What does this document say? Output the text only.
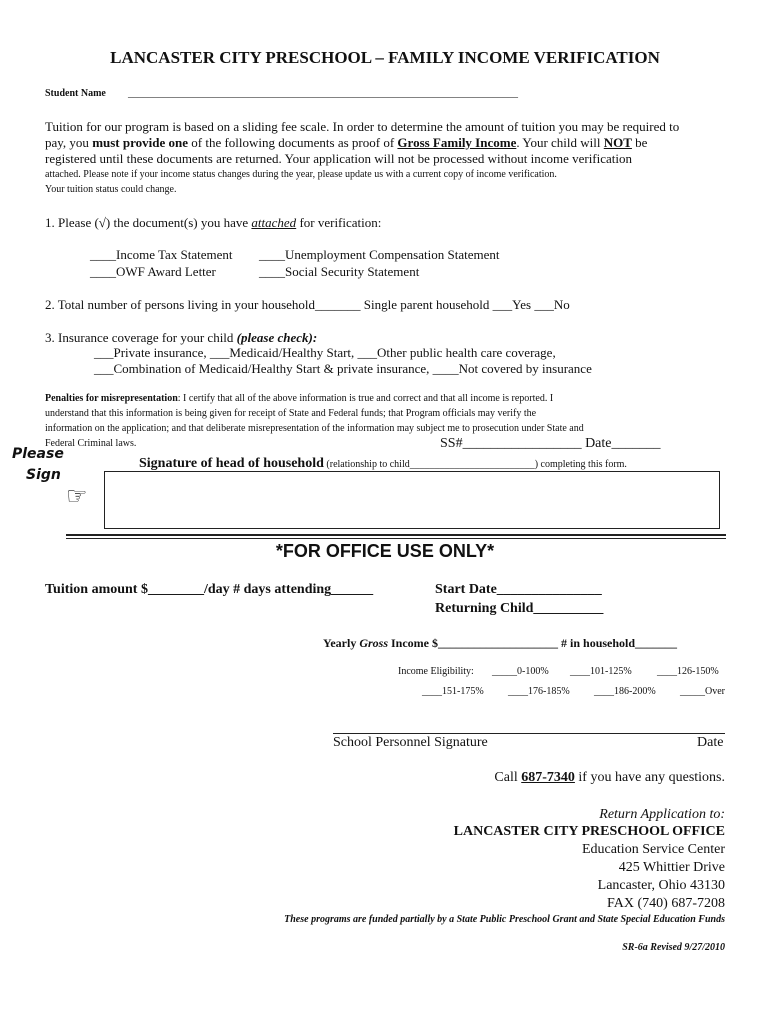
LANCASTER CITY PRESCHOOL – FAMILY INCOME VERIFICATION
Student Name ______________________________________________________________________________
Tuition for our program is based on a sliding fee scale. In order to determine the amount of tuition you may be required to
pay, you must provide one of the following documents as proof of Gross Family Income. Your child will NOT be
registered until these documents are returned. Your application will not be processed without income verification
attached. Please note if your income status changes during the year, please update us with a current copy of income verification.
Your tuition status could change.
1. Please (√) the document(s) you have attached for verification:
____Income Tax Statement ____Unemployment Compensation Statement
____OWF Award Letter	____Social Security Statement
2. Total number of persons living in your household_______ Single parent household ___Yes ___No
3. Insurance coverage for your child (please check):
___Private insurance, ___Medicaid/Healthy Start, ___Other public health care coverage,
___Combination of Medicaid/Healthy Start & private insurance, ____Not covered by insurance
Penalties for misrepresentation: I certify that all of the above information is true and correct and that all income is reported. I
understand that this information is being given for receipt of State and Federal funds; that Program officials may verify the
information on the application; and that deliberate misrepresentation of the information may subject me to prosecution under State and
Federal Criminal laws.	SS#_________________ Date_______
Please
Sign
☞
Signature of head of household (relationship to child_________________________) completing this form.
*FOR OFFICE USE ONLY*
Tuition amount $________/day # days attending______	Start Date_______________
Returning Child__________
Yearly Gross Income $____________________ # in household_______
Income Eligibility: _____0-100% ____101-125%	____126-150%
____151-175% ____176-185% ____186-200% _____Over
School Personnel Signature	Date
Call 687-7340 if you have any questions.
Return Application to:
LANCASTER CITY PRESCHOOL OFFICE
Education Service Center
425 Whittier Drive
Lancaster, Ohio 43130
FAX (740) 687-7208
These programs are funded partially by a State Public Preschool Grant and State Special Education Funds
SR-6a Revised 9/27/2010
